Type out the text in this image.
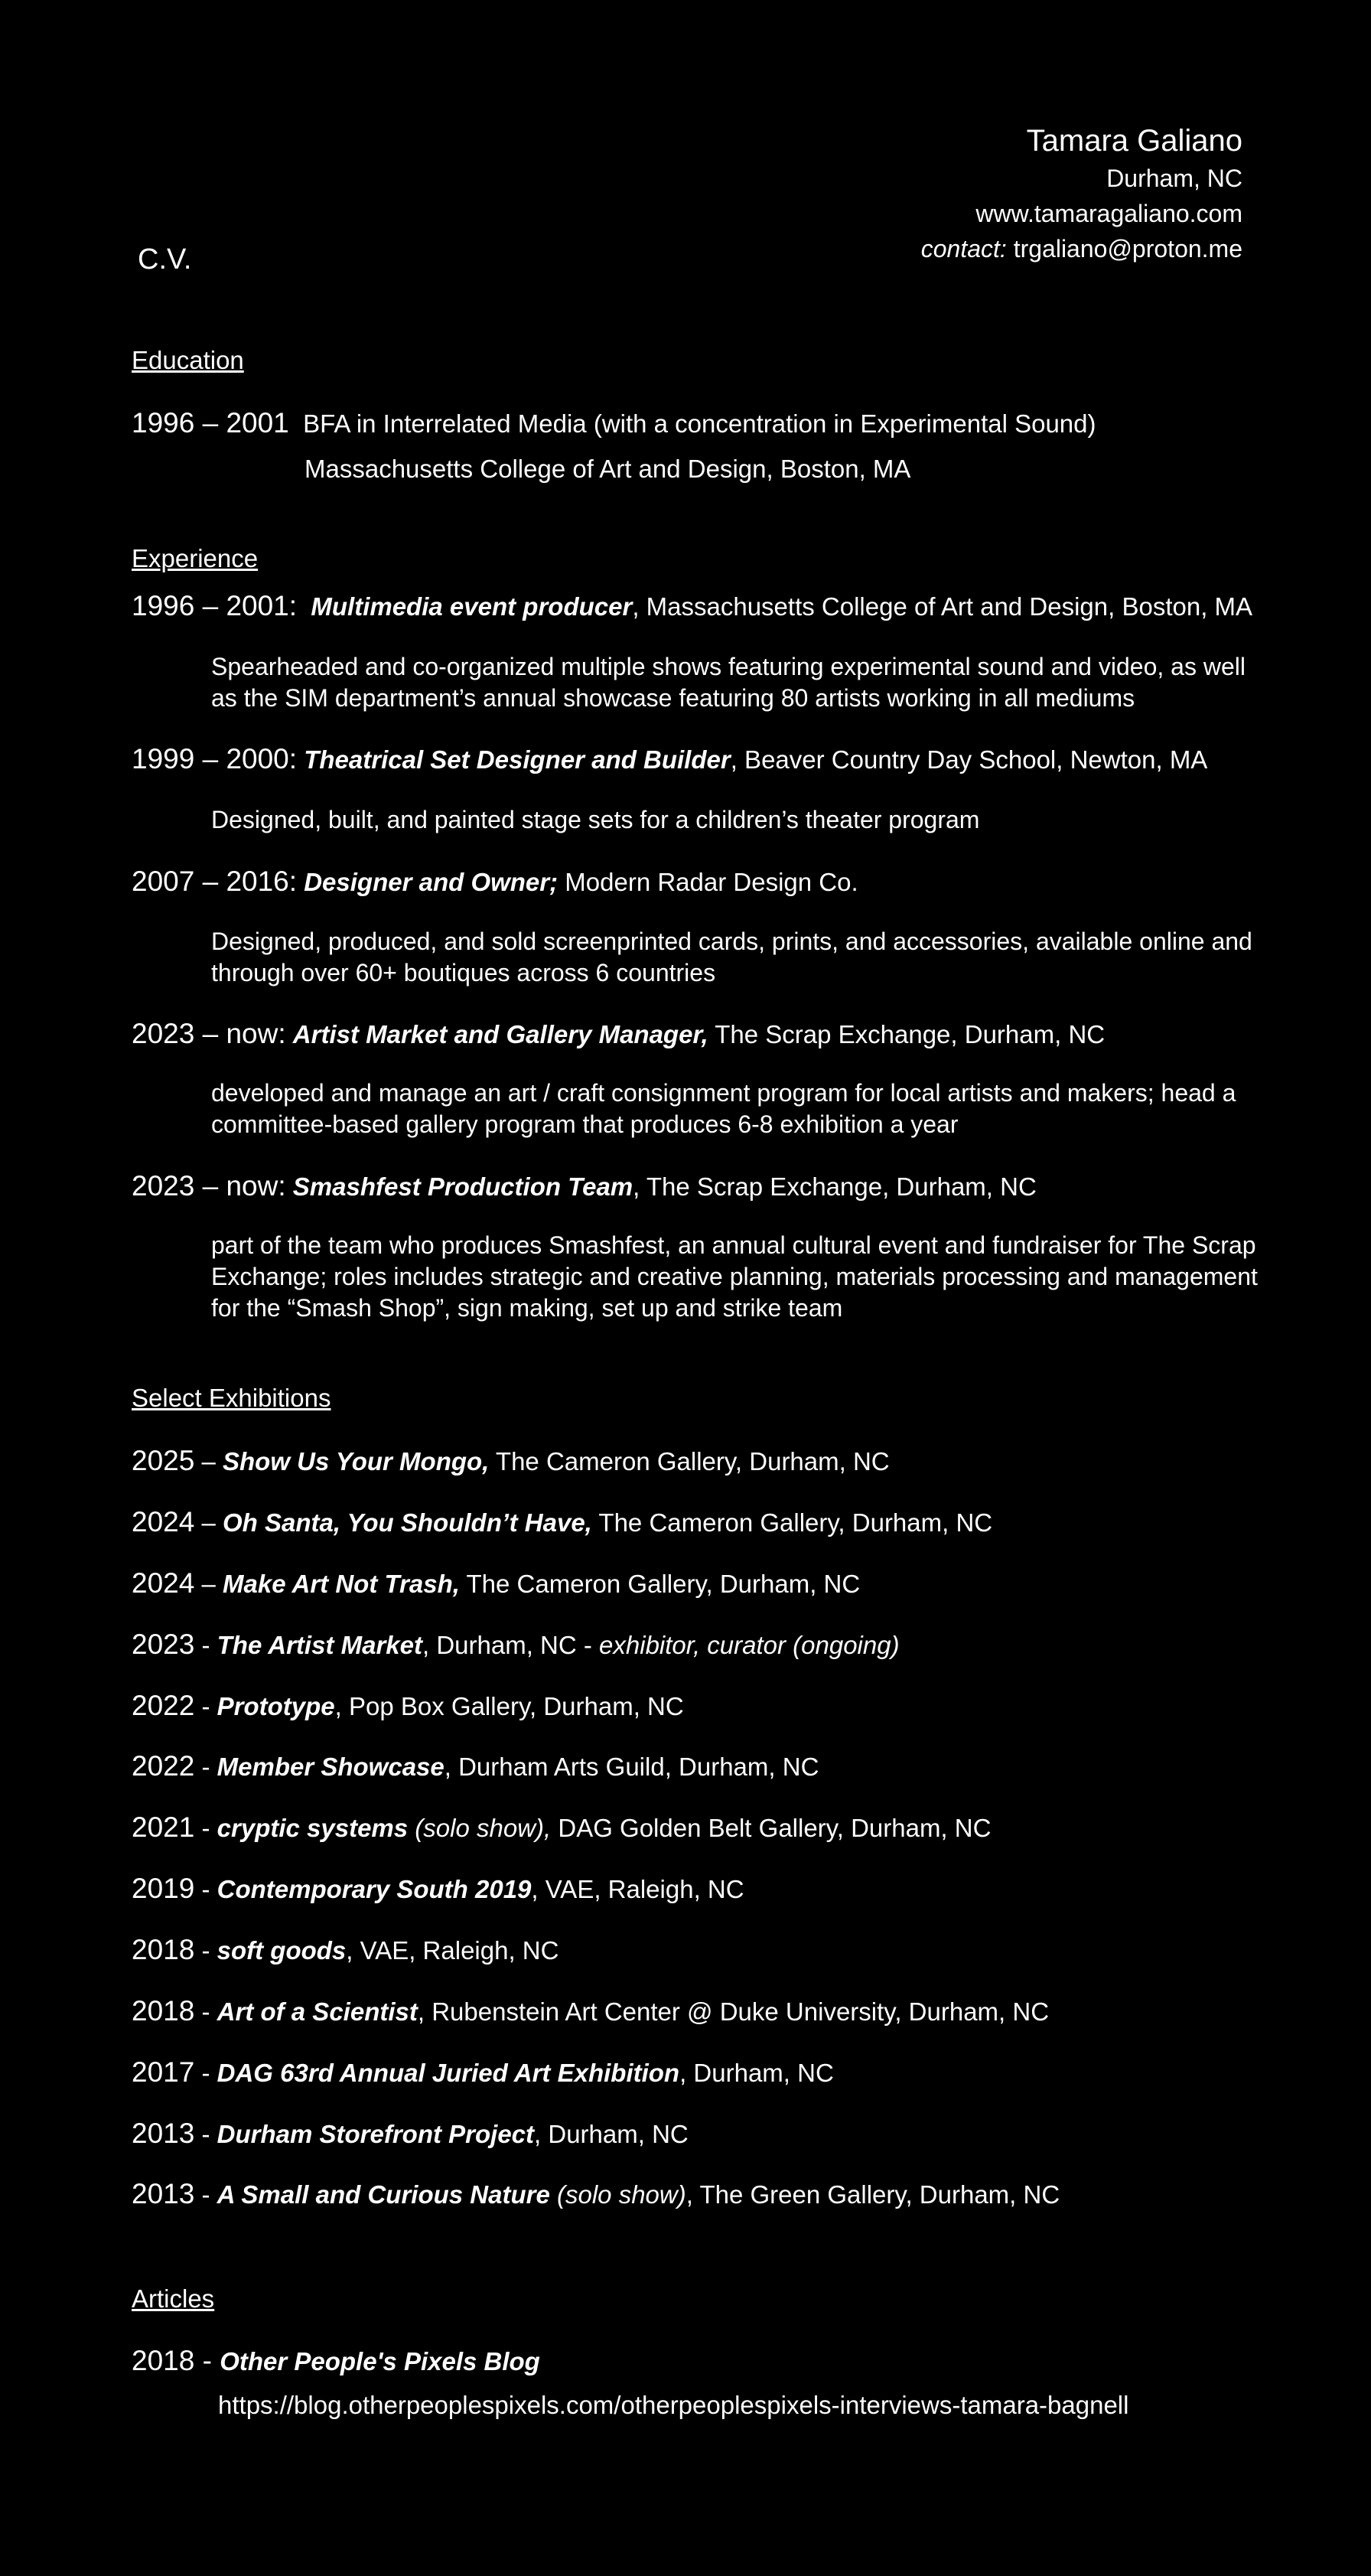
Tamara Galiano
Durham, NC
www.tamaragaliano.com
contact: trgaliano@proton.me
C.V.
Education
1996 – 2001 BFA in Interrelated Media (with a concentration in Experimental Sound)
Massachusetts College of Art and Design, Boston, MA
Experience
1996 – 2001: Multimedia event producer, Massachusetts College of Art and Design, Boston, MA
Spearheaded and co-organized multiple shows featuring experimental sound and video, as well as the SIM department’s annual showcase featuring 80 artists working in all mediums
1999 – 2000: Theatrical Set Designer and Builder, Beaver Country Day School, Newton, MA
Designed, built, and painted stage sets for a children’s theater program
2007 – 2016: Designer and Owner; Modern Radar Design Co.
Designed, produced, and sold screenprinted cards, prints, and accessories, available online and through over 60+ boutiques across 6 countries
2023 – now: Artist Market and Gallery Manager, The Scrap Exchange, Durham, NC
developed and manage an art / craft consignment program for local artists and makers; head a committee-based gallery program that produces 6-8 exhibition a year
2023 – now: Smashfest Production Team, The Scrap Exchange, Durham, NC
part of the team who produces Smashfest, an annual cultural event and fundraiser for The Scrap Exchange; roles includes strategic and creative planning, materials processing and management for the “Smash Shop”, sign making, set up and strike team
Select Exhibitions
2025 – Show Us Your Mongo, The Cameron Gallery, Durham, NC
2024 – Oh Santa, You Shouldn’t Have, The Cameron Gallery, Durham, NC
2024 – Make Art Not Trash, The Cameron Gallery, Durham, NC
2023 - The Artist Market, Durham, NC - exhibitor, curator (ongoing)
2022 - Prototype, Pop Box Gallery, Durham, NC
2022 - Member Showcase, Durham Arts Guild, Durham, NC
2021 - cryptic systems (solo show), DAG Golden Belt Gallery, Durham, NC
2019 - Contemporary South 2019, VAE, Raleigh, NC
2018 - soft goods, VAE, Raleigh, NC
2018 - Art of a Scientist, Rubenstein Art Center @ Duke University, Durham, NC
2017 - DAG 63rd Annual Juried Art Exhibition, Durham, NC
2013 - Durham Storefront Project, Durham, NC
2013 - A Small and Curious Nature (solo show), The Green Gallery, Durham, NC
Articles
2018 - Other People's Pixels Blog
https://blog.otherpeoplespixels.com/otherpeoplespixels-interviews-tamara-bagnell
